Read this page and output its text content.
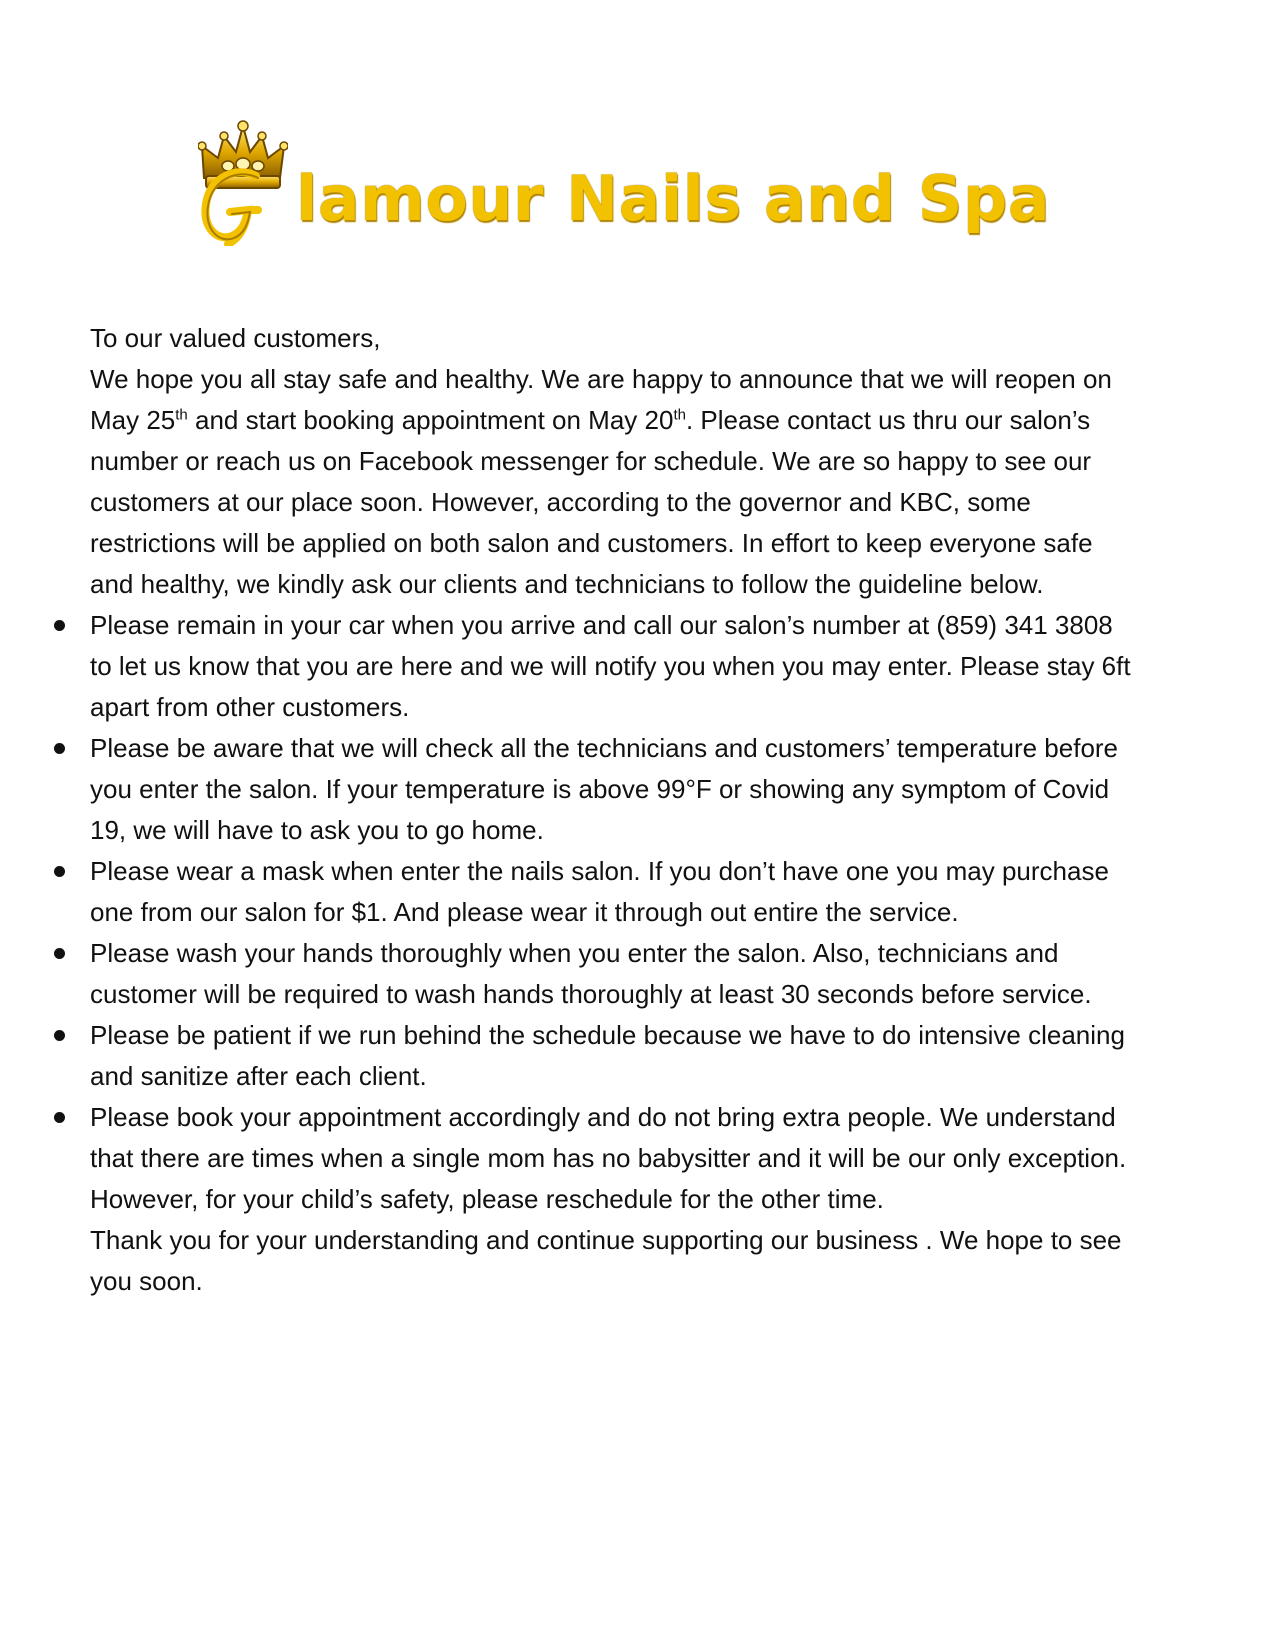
G	lamour Nails and Spa

To our valued customers,

We hope you all stay safe and healthy. We are happy to announce that we will reopen on May 25th and start booking appointment on May 20th. Please contact us thru our salon’s number or reach us on Facebook messenger for schedule. We are so happy to see our customers at our place soon. However, according to the governor and KBC, some restrictions will be applied on both salon and customers. In effort to keep everyone safe and healthy, we kindly ask our clients and technicians to follow the guideline below.

Please remain in your car when you arrive and call our salon’s number at (859) 341 3808 to let us know that you are here and we will notify you when you may enter. Please stay 6ft apart from other customers.
Please be aware that we will check all the technicians and customers’ temperature before you enter the salon. If your temperature is above 99°F or showing any symptom of Covid 19, we will have to ask you to go home.
Please wear a mask when enter the nails salon. If you don’t have one you may purchase one from our salon for $1. And please wear it through out entire the service.
Please wash your hands thoroughly when you enter the salon. Also, technicians and customer will be required to wash hands thoroughly at least 30 seconds before service.
Please be patient if we run behind the schedule because we have to do intensive cleaning and sanitize after each client.
Please book your appointment accordingly and do not bring extra people. We understand that there are times when a single mom has no babysitter and it will be our only exception. However, for your child’s safety, please reschedule for the other time.

Thank you for your understanding and continue supporting our business . We hope to see you soon.
